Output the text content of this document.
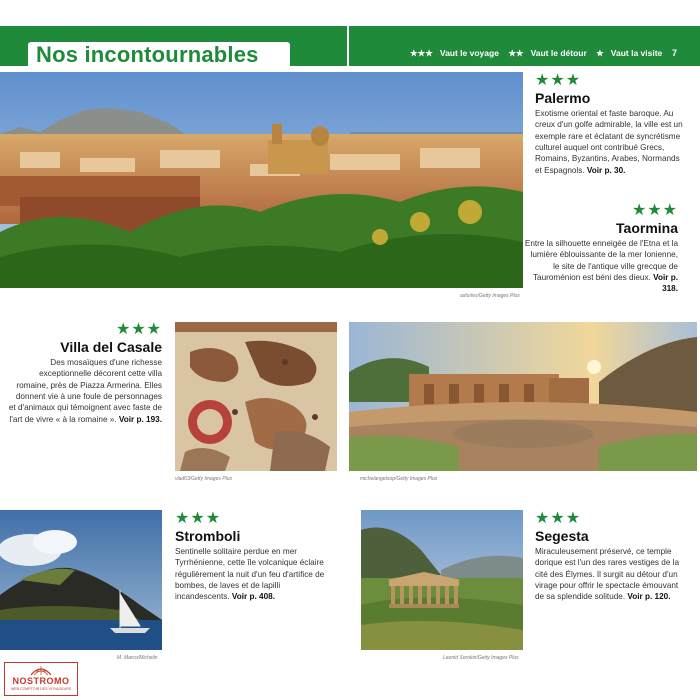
Nos incontournables	★★★ Vaut le voyage ★★ Vaut le détour ★ Vaut la visite	7
asfurles/Getty Images Plus
★★★
Palermo
Exotisme oriental et faste baroque. Au creux d'un golfe admirable, la ville est un exemple rare et éclatant de syncrétisme culturel auquel ont contribué Grecs, Romains, Byzantins, Arabes, Normands et Espagnols. Voir p. 30.
★★★
Taormina
Entre la silhouette enneigée de l'Etna et la lumière éblouissante de la mer Ionienne, le site de l'antique ville grecque de Tauroménion est béni des dieux. Voir p. 318.
★★★
Villa del Casale
Des mosaïques d'une richesse exceptionnelle décorent cette villa romaine, près de Piazza Armerina. Elles donnent vie à une foule de personnages et d'animaux qui témoignent avec faste de l'art de vivre « à la romaine ». Voir p. 193.
vlad63/Getty Images Plus	michelangeloop/Getty Images Plus
M. Marco/Michelin
★★★
Stromboli
Sentinelle solitaire perdue en mer Tyrrhénienne, cette île volcanique éclaire régulièrement la nuit d'un feu d'artifice de bombes, de laves et de lapilli incandescents. Voir p. 408.
Leonid Sorokin/Getty Images Plus
★★★
Segesta
Miraculeusement préservé, ce temple dorique est l'un des rares vestiges de la cité des Élymes. Il surgit au détour d'un virage pour offrir le spectacle émouvant de sa splendide solitude. Voir p. 120.
NOSTROMO
WEB COMPTOIR DES VOYAGEURS
